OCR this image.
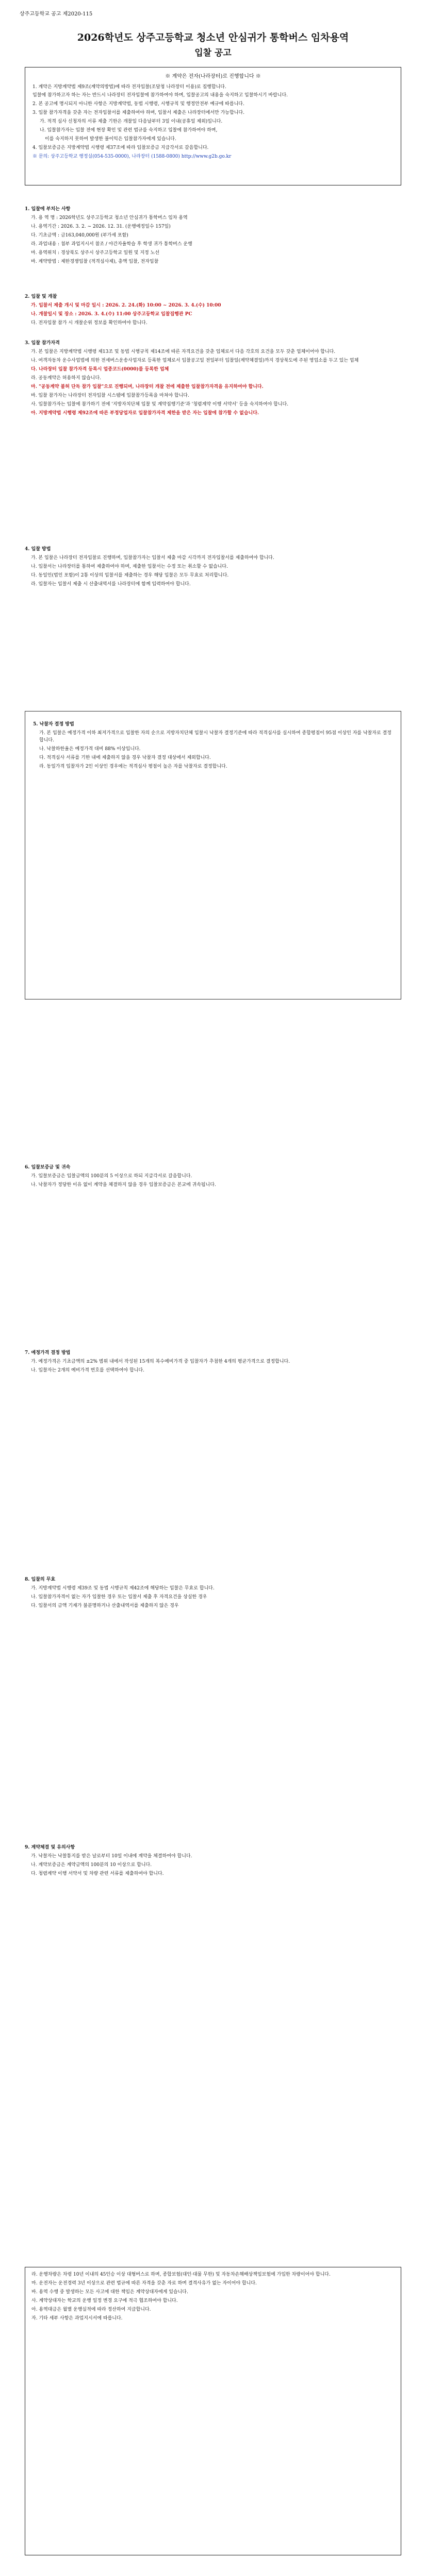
상주고등학교 공고 제2020-115
2026학년도 상주고등학교 청소년 안심귀가 통학버스 임차용역
입찰 공고
※ 계약은 전자(나라장터)로 진행합니다 ※
1. 계약은 지방계약법 제9조(계약의방법)에 따라 전자입찰(조달청 나라장터 이용)로 집행합니다.
입찰에 참가하고자 하는 자는 반드시 나라장터 전자입찰에 참가하여야 하며, 입찰공고의 내용을 숙지하고 입찰하시기 바랍니다.
2. 본 공고에 명시되지 아니한 사항은 지방계약법, 동법 시행령, 시행규칙 및 행정안전부 예규에 따릅니다.
3. 입찰 참가자격을 갖춘 자는 전자입찰서를 제출하여야 하며, 입찰서 제출은 나라장터에서만 가능합니다.
가. 적격 심사 신청자의 서류 제출 기한은 개찰일 다음날부터 3일 이내(공휴일 제외)입니다.
나. 입찰참가자는 입찰 전에 현장 확인 및 관련 법규를 숙지하고 입찰에 참가하여야 하며,
이를 숙지하지 못하여 발생한 불이익은 입찰참가자에게 있습니다.
4. 입찰보증금은 지방계약법 시행령 제37조에 따라 입찰보증금 지급각서로 갈음합니다.
※ 문의: 상주고등학교 행정실(054-535-0000), 나라장터 (1588-0800) http://www.g2b.go.kr
1. 입찰에 부치는 사항
가. 용 역 명 : 2026학년도 상주고등학교 청소년 안심귀가 통학버스 임차 용역
나. 용역기간 : 2026. 3. 2. ~ 2026. 12. 31. (운행예정일수 157일)
다. 기초금액 : 금163,040,000원 (부가세 포함)
라. 과업내용 : 첨부 과업지시서 참조 / 야간자율학습 후 학생 귀가 통학버스 운행
마. 용역위치 : 경상북도 상주시 상주고등학교 일원 및 지정 노선
바. 계약방법 : 제한경쟁입찰 (적격심사제), 총액 입찰, 전자입찰
2. 입찰 및 개찰
가. 입찰서 제출 개시 및 마감 일시 : 2026. 2. 24.(화) 10:00 ~ 2026. 3. 4.(수) 10:00
나. 개찰일시 및 장소 : 2026. 3. 4.(수) 11:00 상주고등학교 입찰집행관 PC
다. 전자입찰 참가 시 개찰순위 정보를 확인하여야 합니다.
3. 입찰 참가자격
가. 본 입찰은 지방계약법 시행령 제13조 및 동법 시행규칙 제14조에 따른 자격요건을 갖춘 업체로서 다음 각호의 요건을 모두 갖춘 업체이어야 합니다.
나. 여객자동차 운수사업법에 의한 전세버스운송사업자로 등록한 업체로서 입찰공고일 전일부터 입찰일(계약체결일)까지 경상북도에 주된 영업소를 두고 있는 업체
다. 나라장터 입찰 참가자격 등록시 업종코드(0000)를 등록한 업체
라. 공동계약은 허용하지 않습니다.
마. "공동계약 불허 단독 참가 입찰"으로 진행되며, 나라장터 개찰 전에 제출한 입찰참가자격을 유지하여야 합니다.
바. 입찰 참가자는 나라장터 전자입찰 시스템에 입찰참가등록을 마쳐야 합니다.
사. 입찰참가자는 입찰에 참가하기 전에 '지방자치단체 입찰 및 계약집행기준'과 '청렴계약 이행 서약서' 등을 숙지하여야 합니다.
아. 지방계약법 시행령 제92조에 따른 부정당업자로 입찰참가자격 제한을 받은 자는 입찰에 참가할 수 없습니다.
4. 입찰 방법
가. 본 입찰은 나라장터 전자입찰로 진행하며, 입찰참가자는 입찰서 제출 마감 시각까지 전자입찰서를 제출하여야 합니다.
나. 입찰서는 나라장터를 통하여 제출하여야 하며, 제출한 입찰서는 수정 또는 취소할 수 없습니다.
다. 동일인(법인 포함)이 2통 이상의 입찰서를 제출하는 경우 해당 입찰은 모두 무효로 처리합니다.
라. 입찰자는 입찰서 제출 시 산출내역서를 나라장터에 함께 입력하여야 합니다.
5. 낙찰자 결정 방법
가. 본 입찰은 예정가격 이하 최저가격으로 입찰한 자의 순으로 지방자치단체 입찰시 낙찰자 결정기준에 따라 적격심사를 실시하여 종합평점이 95점 이상인 자를 낙찰자로 결정합니다.
나. 낙찰하한율은 예정가격 대비 88% 이상입니다.
다. 적격심사 서류를 기한 내에 제출하지 않을 경우 낙찰자 결정 대상에서 제외합니다.
라. 동일가격 입찰자가 2인 이상인 경우에는 적격심사 평점이 높은 자를 낙찰자로 결정합니다.
6. 입찰보증금 및 귀속
가. 입찰보증금은 입찰금액의 100분의 5 이상으로 하되 지급각서로 갈음합니다.
나. 낙찰자가 정당한 이유 없이 계약을 체결하지 않을 경우 입찰보증금은 본교에 귀속됩니다.
7. 예정가격 결정 방법
가. 예정가격은 기초금액의 ±2% 범위 내에서 작성된 15개의 복수예비가격 중 입찰자가 추첨한 4개의 평균가격으로 결정합니다.
나. 입찰자는 2개의 예비가격 번호를 선택하여야 합니다.
8. 입찰의 무효
가. 지방계약법 시행령 제39조 및 동법 시행규칙 제42조에 해당하는 입찰은 무효로 합니다.
나. 입찰참가자격이 없는 자가 입찰한 경우 또는 입찰서 제출 후 자격요건을 상실한 경우
다. 입찰서의 금액 기재가 불분명하거나 산출내역서를 제출하지 않은 경우
9. 계약체결 및 유의사항
가. 낙찰자는 낙찰통지를 받은 날로부터 10일 이내에 계약을 체결하여야 합니다.
나. 계약보증금은 계약금액의 100분의 10 이상으로 합니다.
다. 청렴계약 이행 서약서 및 차량 관련 서류를 제출하여야 합니다.
라. 운행차량은 차령 10년 이내의 45인승 이상 대형버스로 하며, 종합보험(대인·대물 무한) 및 자동차손해배상책임보험에 가입한 차량이어야 합니다.
마. 운전자는 운전경력 3년 이상으로 관련 법규에 따른 자격을 갖춘 자로 하며 결격사유가 없는 자이어야 합니다.
바. 용역 수행 중 발생하는 모든 사고에 대한 책임은 계약상대자에게 있습니다.
사. 계약상대자는 학교의 운행 일정 변경 요구에 적극 협조하여야 합니다.
아. 용역대금은 월별 운행실적에 따라 정산하여 지급합니다.
자. 기타 세부 사항은 과업지시서에 따릅니다.
